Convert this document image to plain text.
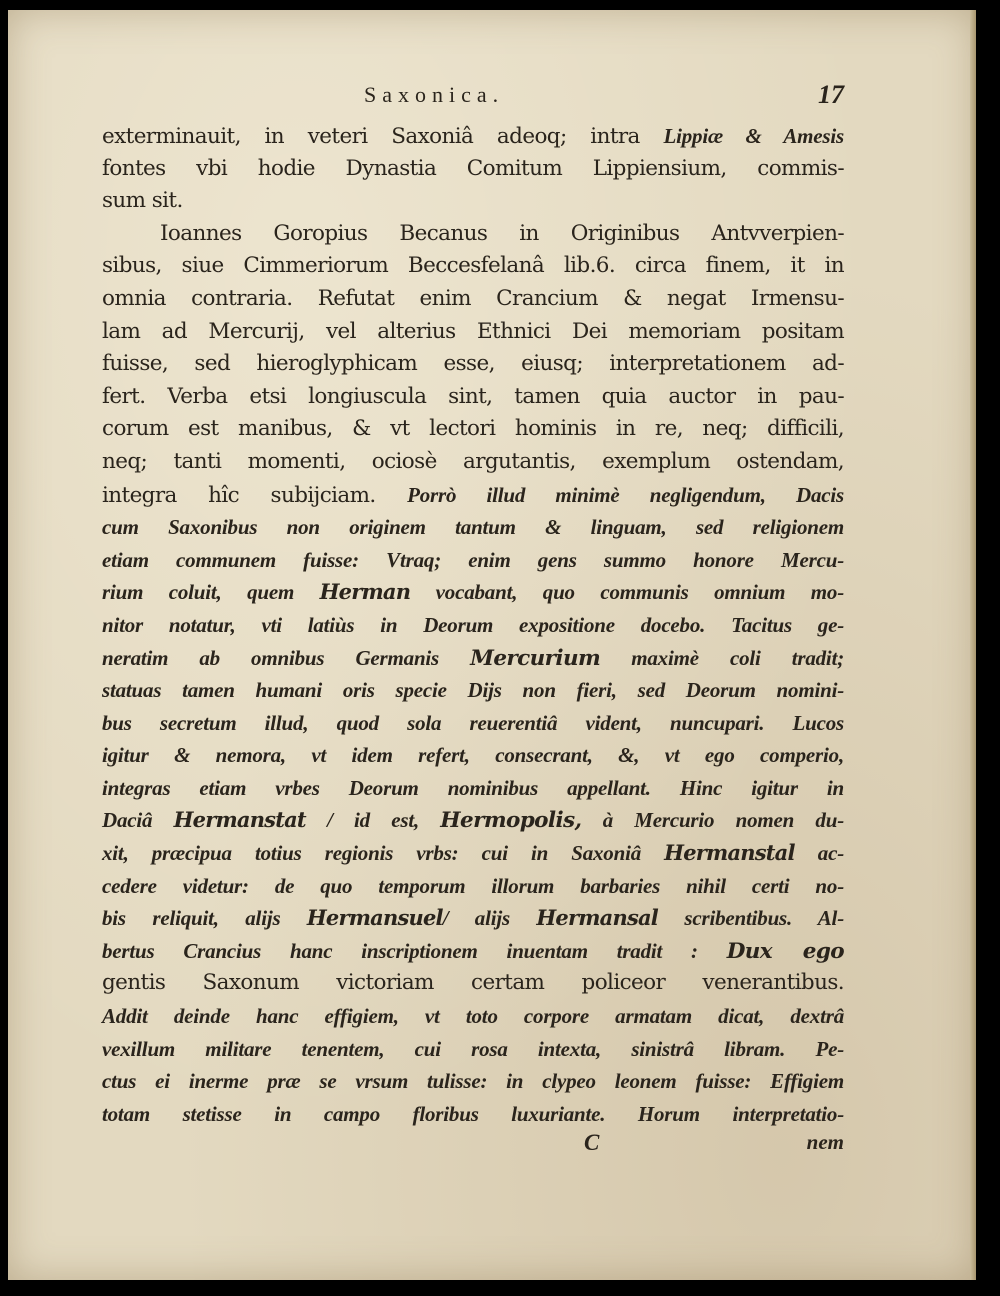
Saxonica.	17
exterminauit, in veteri Saxoniâ adeoq; intra Lippiæ & Amesis
fontes vbi hodie Dynastia Comitum Lippiensium, commis-
sum sit.
Ioannes Goropius Becanus in Originibus Antvverpien-
sibus, siue Cimmeriorum Beccesfelanâ lib.6. circa finem, it in
omnia contraria. Refutat enim Crancium & negat Irmensu-
lam ad Mercurij, vel alterius Ethnici Dei memoriam positam
fuisse, sed hieroglyphicam esse, eiusq; interpretationem ad-
fert. Verba etsi longiuscula sint, tamen quia auctor in pau-
corum est manibus, & vt lectori hominis in re, neq; difficili,
neq; tanti momenti, ociosè argutantis, exemplum ostendam,
integra hîc subijciam. Porrò illud minimè negligendum, Dacis
cum Saxonibus non originem tantum & linguam, sed religionem
etiam communem fuisse: Vtraq; enim gens summo honore Mercu-
rium coluit, quem Herman vocabant, quo communis omnium mo-
nitor notatur, vti latiùs in Deorum expositione docebo. Tacitus ge-
neratim ab omnibus Germanis Mercurium maximè coli tradit;
statuas tamen humani oris specie Dijs non fieri, sed Deorum nomini-
bus secretum illud, quod sola reuerentiâ vident, nuncupari. Lucos
igitur & nemora, vt idem refert, consecrant, &, vt ego comperio,
integras etiam vrbes Deorum nominibus appellant. Hinc igitur in
Daciâ Hermanstat / id est, Hermopolis, à Mercurio nomen du-
xit, præcipua totius regionis vrbs: cui in Saxoniâ Hermanstal ac-
cedere videtur: de quo temporum illorum barbaries nihil certi no-
bis reliquit, alijs Hermansuel/ alijs Hermansal scribentibus. Al-
bertus Crancius hanc inscriptionem inuentam tradit : Dux ego
gentis Saxonum victoriam certam policeor venerantibus.
Addit deinde hanc effigiem, vt toto corpore armatam dicat, dextrâ
vexillum militare tenentem, cui rosa intexta, sinistrâ libram. Pe-
ctus ei inerme præ se vrsum tulisse: in clypeo leonem fuisse: Effigiem
totam stetisse in campo floribus luxuriante. Horum interpretatio-
C	nem
